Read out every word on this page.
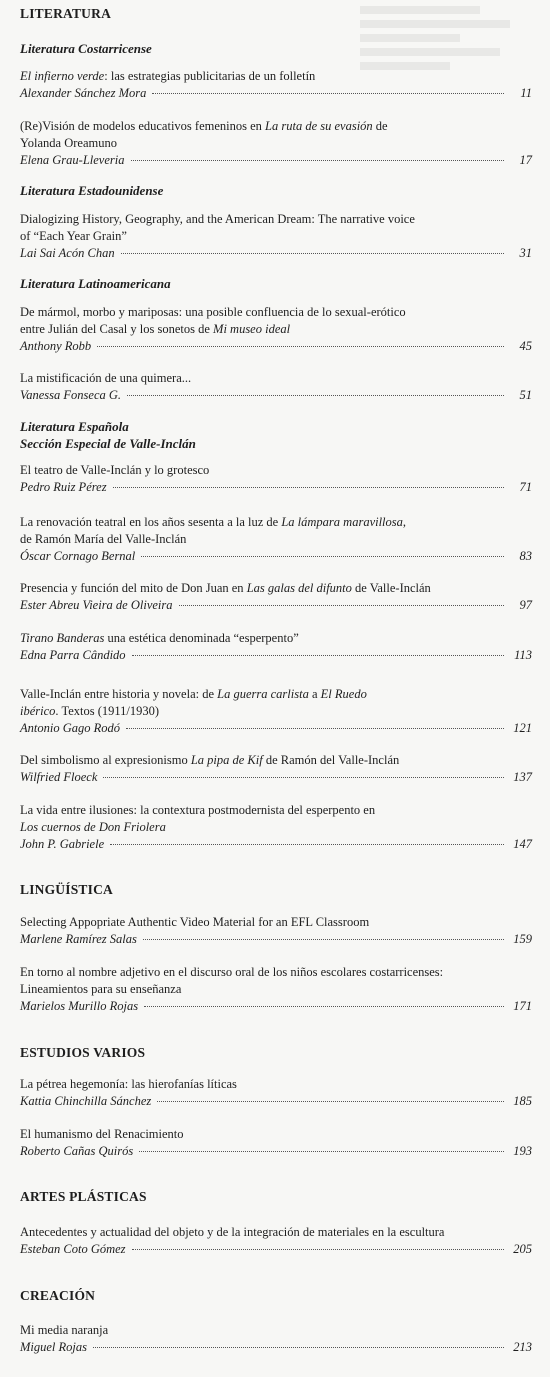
LITERATURA
Literatura Costarricense
El infierno verde: las estrategias publicitarias de un folletín
Alexander Sánchez Mora	11
(Re)Visión de modelos educativos femeninos en La ruta de su evasión de
Yolanda Oreamuno
Elena Grau-Lleveria	17
Literatura Estadounidense
Dialogizing History, Geography, and the American Dream: The narrative voice
of “Each Year Grain”
Lai Sai Acón Chan	31
Literatura Latinoamericana
De mármol, morbo y mariposas: una posible confluencia de lo sexual-erótico
entre Julián del Casal y los sonetos de Mi museo ideal
Anthony Robb	45
La mistificación de una quimera...
Vanessa Fonseca G.	51
Literatura Española
Sección Especial de Valle-Inclán
El teatro de Valle-Inclán y lo grotesco
Pedro Ruiz Pérez	71
La renovación teatral en los años sesenta a la luz de La lámpara maravillosa,
de Ramón María del Valle-Inclán
Óscar Cornago Bernal	83
Presencia y función del mito de Don Juan en Las galas del difunto de Valle-Inclán
Ester Abreu Vieira de Oliveira	97
Tirano Banderas una estética denominada “esperpento”
Edna Parra Cândido	113
Valle-Inclán entre historia y novela: de La guerra carlista a El Ruedo
ibérico. Textos (1911/1930)
Antonio Gago Rodó	121
Del simbolismo al expresionismo La pipa de Kif de Ramón del Valle-Inclán
Wilfried Floeck	137
La vida entre ilusiones: la contextura postmodernista del esperpento en
Los cuernos de Don Friolera
John P. Gabriele	147
LINGÜÍSTICA
Selecting Appopriate Authentic Video Material for an EFL Classroom
Marlene Ramírez Salas	159
En torno al nombre adjetivo en el discurso oral de los niños escolares costarricenses:
Lineamientos para su enseñanza
Marielos Murillo Rojas	171
ESTUDIOS VARIOS
La pétrea hegemonía: las hierofanías líticas
Kattia Chinchilla Sánchez	185
El humanismo del Renacimiento
Roberto Cañas Quirós	193
ARTES PLÁSTICAS
Antecedentes y actualidad del objeto y de la integración de materiales en la escultura
Esteban Coto Gómez	205
CREACIÓN
Mi media naranja
Miguel Rojas	213
